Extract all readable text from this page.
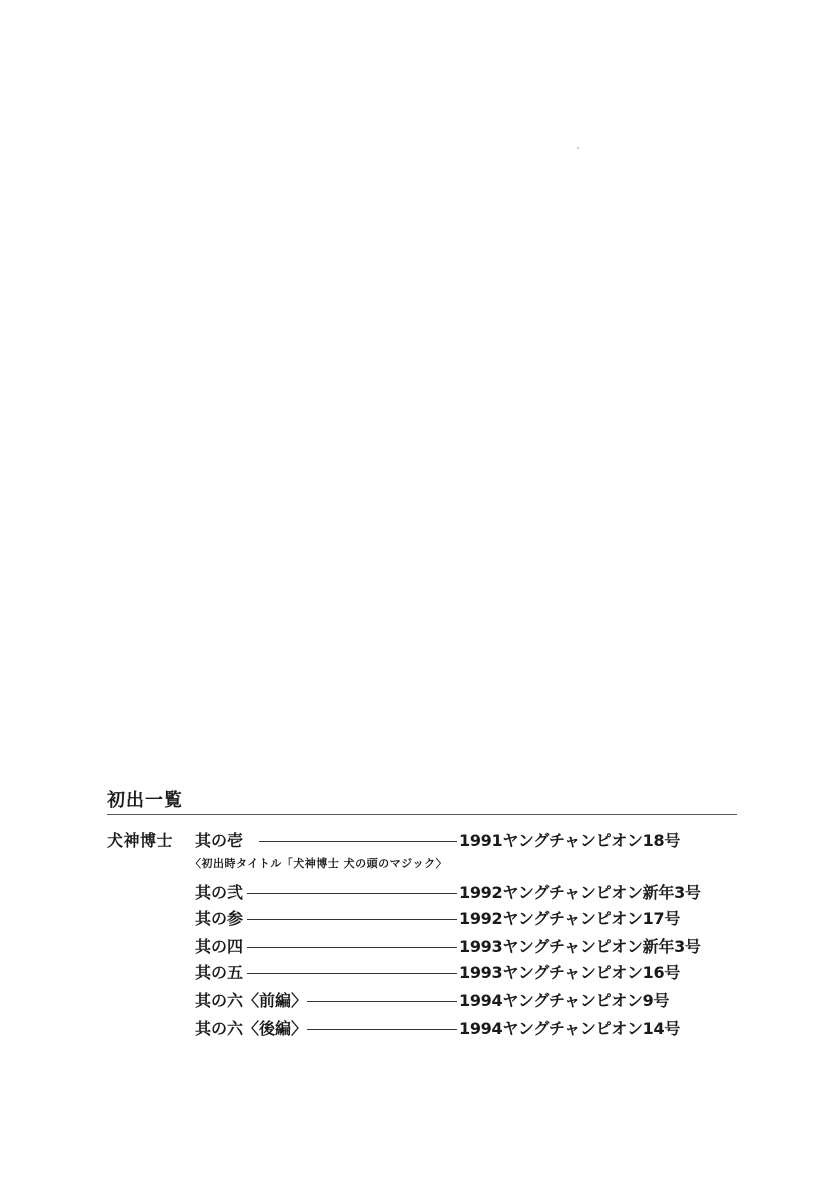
初出一覧
犬神博士 其の壱	1991ヤングチャンピオン18号
〈初出時タイトル「犬神博士 犬の頭のマジック〉
其の弐	1992ヤングチャンピオン新年3号
其の参	1992ヤングチャンピオン17号
其の四	1993ヤングチャンピオン新年3号
其の五	1993ヤングチャンピオン16号
其の六〈前編〉	1994ヤングチャンピオン9号
其の六〈後編〉	1994ヤングチャンピオン14号
